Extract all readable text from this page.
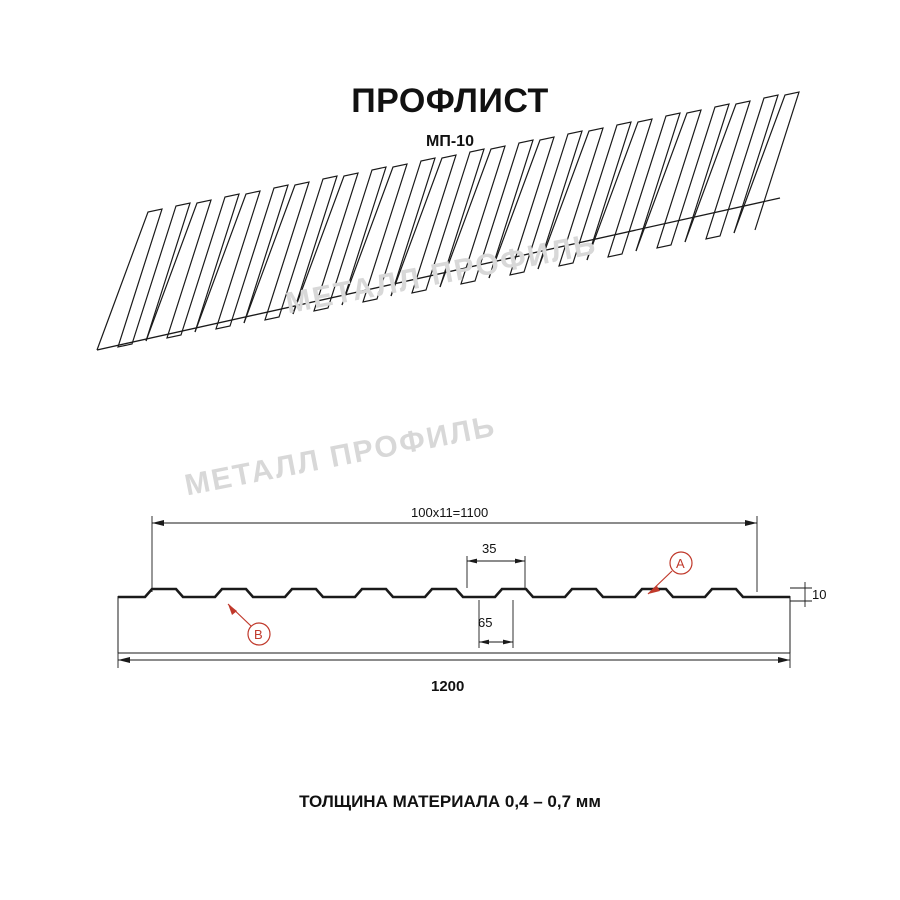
МЕТАЛЛ ПРОФИЛЬ
МЕТАЛЛ ПРОФИЛЬ
ПРОФЛИСТ
МП-10
100x11=1100
35
65
10
1200
A
B
ТОЛЩИНА МАТЕРИАЛА 0,4 – 0,7 мм
